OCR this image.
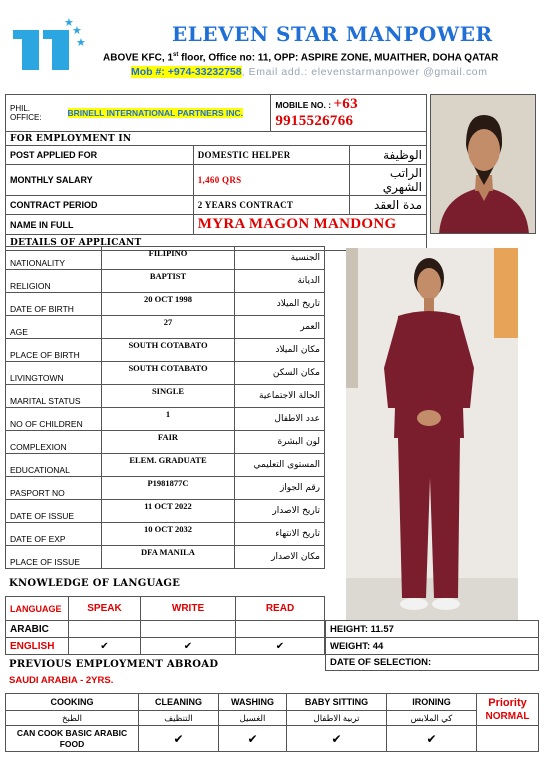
★
★
★	ELEVEN STAR MANPOWER
ABOVE KFC, 1st floor, Office no: 11, OPP: ASPIRE ZONE, MUAITHER, DOHA QATAR
Mob #: +974-33232758, Email add.: elevenstarmanpower @gmail.com
PHIL. OFFICE:	BRINELL INTERNATIONAL PARTNERS INC.		MOBILE NO. : +63 9915526766	
FOR EMPLOYMENT IN				
POST APPLIED FOR		DOMESTIC HELPER		الوظيفة
MONTHLY SALARY		1,460 QRS		الراتب الشهري
CONTRACT PERIOD		2 YEARS CONTRACT		مدة العقد
NAME IN FULL		MYRA MAGON MANDONG		
DETAILS OF APPLICANT				
NATIONALITY	FILIPINO	الجنسية
RELIGION	BAPTIST	الديانة
DATE OF BIRTH	20 OCT 1998	تاريخ الميلاد
AGE	27	العمر
PLACE OF BIRTH	SOUTH COTABATO	مكان الميلاد
LIVINGTOWN	SOUTH COTABATO	مكان السكن
MARITAL STATUS	SINGLE	الحالة الاجتماعية
NO OF CHILDREN	1	عدد الاطفال
COMPLEXION	FAIR	لون البشرة
EDUCATIONAL	ELEM. GRADUATE	المستوى التعليمي
PASPORT NO	P1981877C	رقم الجواز
DATE OF ISSUE	11 OCT 2022	تاريخ الاصدار
DATE OF EXP	10 OCT 2032	تاريخ الانتهاء
PLACE OF ISSUE	DFA MANILA	مكان الاصدار
KNOWLEDGE OF LANGUAGE
LANGUAGE	SPEAK	WRITE	READ
ARABIC			
ENGLISH	✔	✔	✔
HEIGHT: 11.57
WEIGHT: 44
DATE OF SELECTION:
PREVIOUS EMPLOYMENT ABROAD
SAUDI ARABIA - 2YRS.
COOKING	CLEANING	WASHING	BABY SITTING	IRONING	Priority
NORMAL

الطبخ	التنظيف	الغسيل	تربية الاطفال	كي الملابس	
CAN COOK BASIC ARABIC FOOD	✔	✔	✔	✔	
